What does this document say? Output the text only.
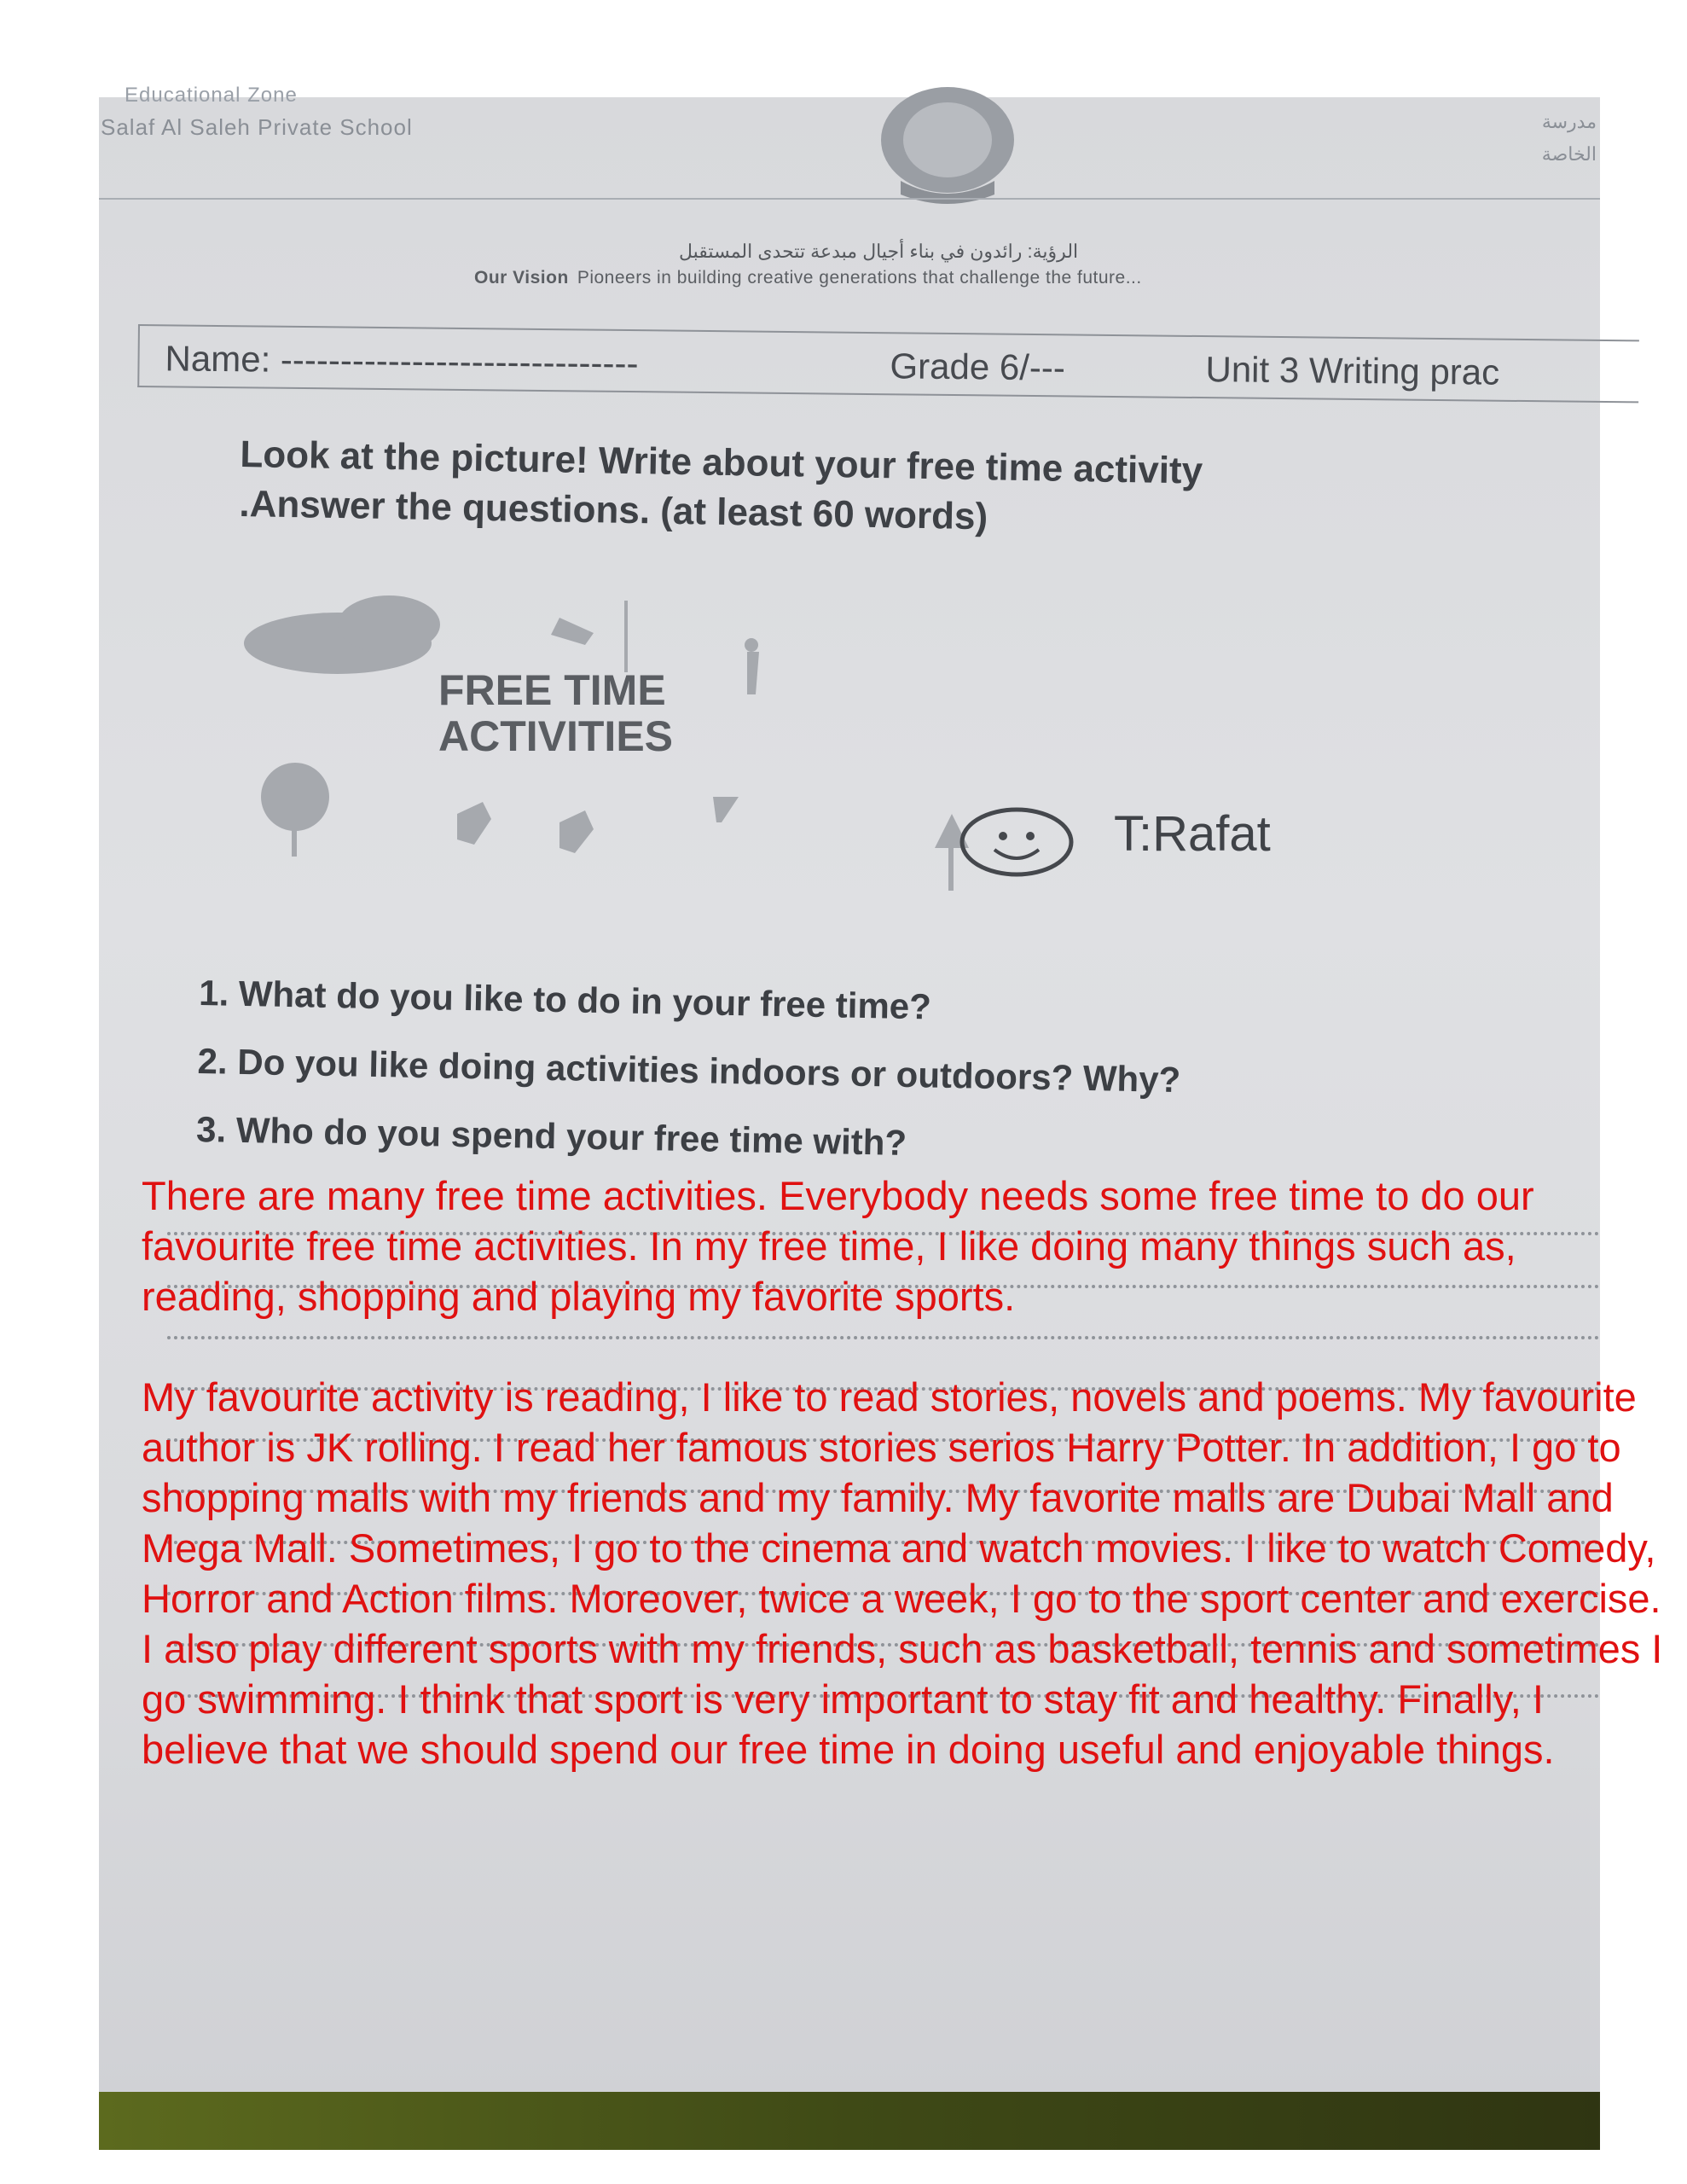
Educational Zone
Salaf Al Saleh Private School	مدرسة الخاصة
الرؤية: رائدون في بناء أجيال مبدعة تتحدى المستقبل
Our Vision Pioneers in building creative generations that challenge the future...
Name: ------------------------------	Grade 6/---	Unit 3 Writing prac
Look at the picture! Write about your free time activity
.Answer the questions. (at least 60 words)
FREE TIME
ACTIVITIES
T:Rafat
1. What do you like to do in your free time?
2. Do you like doing activities indoors or outdoors? Why?
3. Who do you spend your free time with?

There are many free time activities. Everybody needs some free time to do our favourite free time activities. In my free time, I like doing many things such as, reading, shopping and playing my favorite sports.

My favourite activity is reading, I like to read stories, novels and poems. My favourite author is JK rolling. I read her famous stories serios Harry Potter. In addition, I go to shopping malls with my friends and my family. My favorite malls are Dubai Mall and Mega Mall. Sometimes, I go to the cinema and watch movies. I like to watch Comedy, Horror and Action films. Moreover, twice a week, I go to the sport center and exercise. I also play different sports with my friends, such as basketball, tennis and sometimes I go swimming. I think that sport is very important to stay fit and healthy. Finally, I believe that we should spend our free time in doing useful and enjoyable things.
